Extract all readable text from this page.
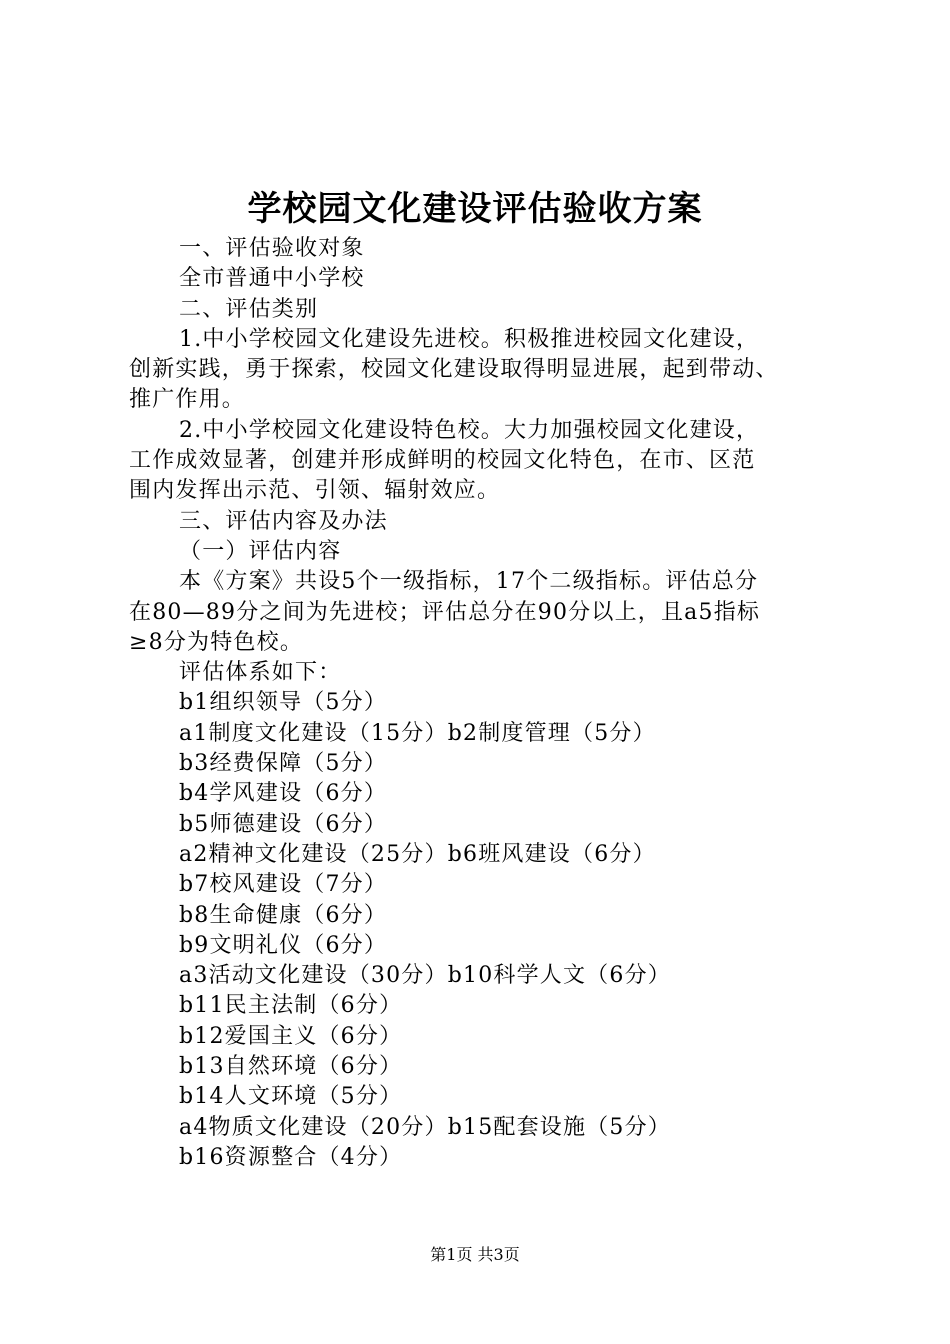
学校园文化建设评估验收方案
一、评估验收对象
全市普通中小学校
二、评估类别
1.中小学校园文化建设先进校。积极推进校园文化建设，
创新实践，勇于探索，校园文化建设取得明显进展，起到带动、
推广作用。
2.中小学校园文化建设特色校。大力加强校园文化建设，
工作成效显著，创建并形成鲜明的校园文化特色，在市、区范
围内发挥出示范、引领、辐射效应。
三、评估内容及办法
（一）评估内容
本《方案》共设5个一级指标，17个二级指标。评估总分
在80—89分之间为先进校；评估总分在90分以上，且a5指标
≥8分为特色校。
评估体系如下：
b1组织领导（5分）
a1制度文化建设（15分）b2制度管理（5分）
b3经费保障（5分）
b4学风建设（6分）
b5师德建设（6分）
a2精神文化建设（25分）b6班风建设（6分）
b7校风建设（7分）
b8生命健康（6分）
b9文明礼仪（6分）
a3活动文化建设（30分）b10科学人文（6分）
b11民主法制（6分）
b12爱国主义（6分）
b13自然环境（6分）
b14人文环境（5分）
a4物质文化建设（20分）b15配套设施（5分）
b16资源整合（4分）
第1页 共3页
